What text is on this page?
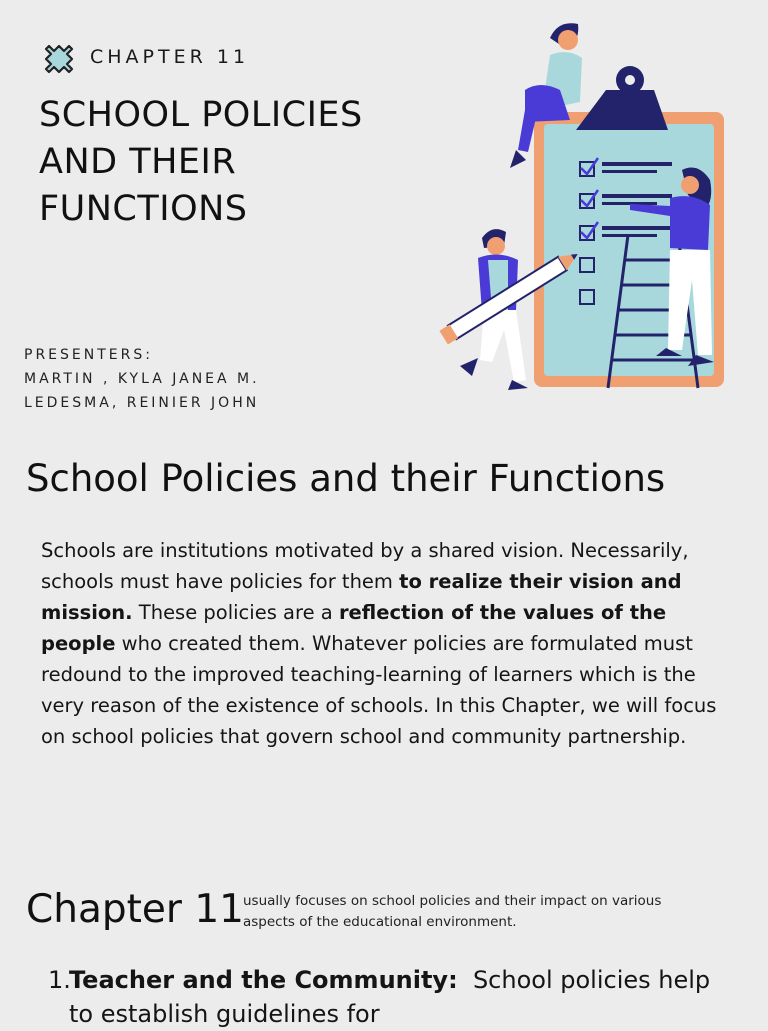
CHAPTER 11
SCHOOL POLICIES
AND THEIR
FUNCTIONS
PRESENTERS:
MARTIN , KYLA JANEA M.
LEDESMA, REINIER JOHN
School Policies and their Functions

Schools are institutions motivated by a shared vision. Necessarily, schools must have policies for them to realize their vision and mission. These policies are a reflection of the values of the people who created them. Whatever policies are formulated must redound to the improved teaching-learning of learners which is the very reason of the existence of schools. In this Chapter, we will focus on school policies that govern school and community partnership.

Chapter 11 usually focuses on school policies and their impact on various aspects of the educational environment.
1.
Teacher and the Community:  School policies help to establish guidelines for
